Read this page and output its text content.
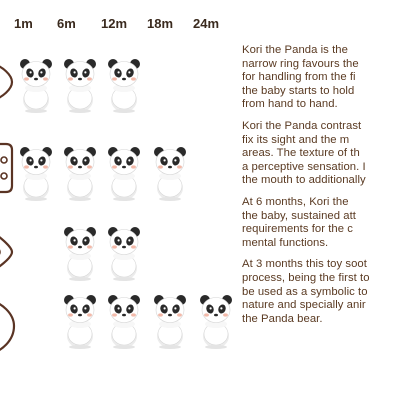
1m 6m 12m 18m 24m

Kori the Panda is the
narrow ring favours the
for handling from the fi
the baby starts to hold
from hand to hand.

Kori the Panda contrast
fix its sight and the m
areas. The texture of th
a perceptive sensation. I
the mouth to additionally

At 6 months, Kori the
the baby, sustained att
requirements for the c
mental functions.

At 3 months this toy soot
process, being the first to
be used as a symbolic to
nature and specially anir
the Panda bear.
